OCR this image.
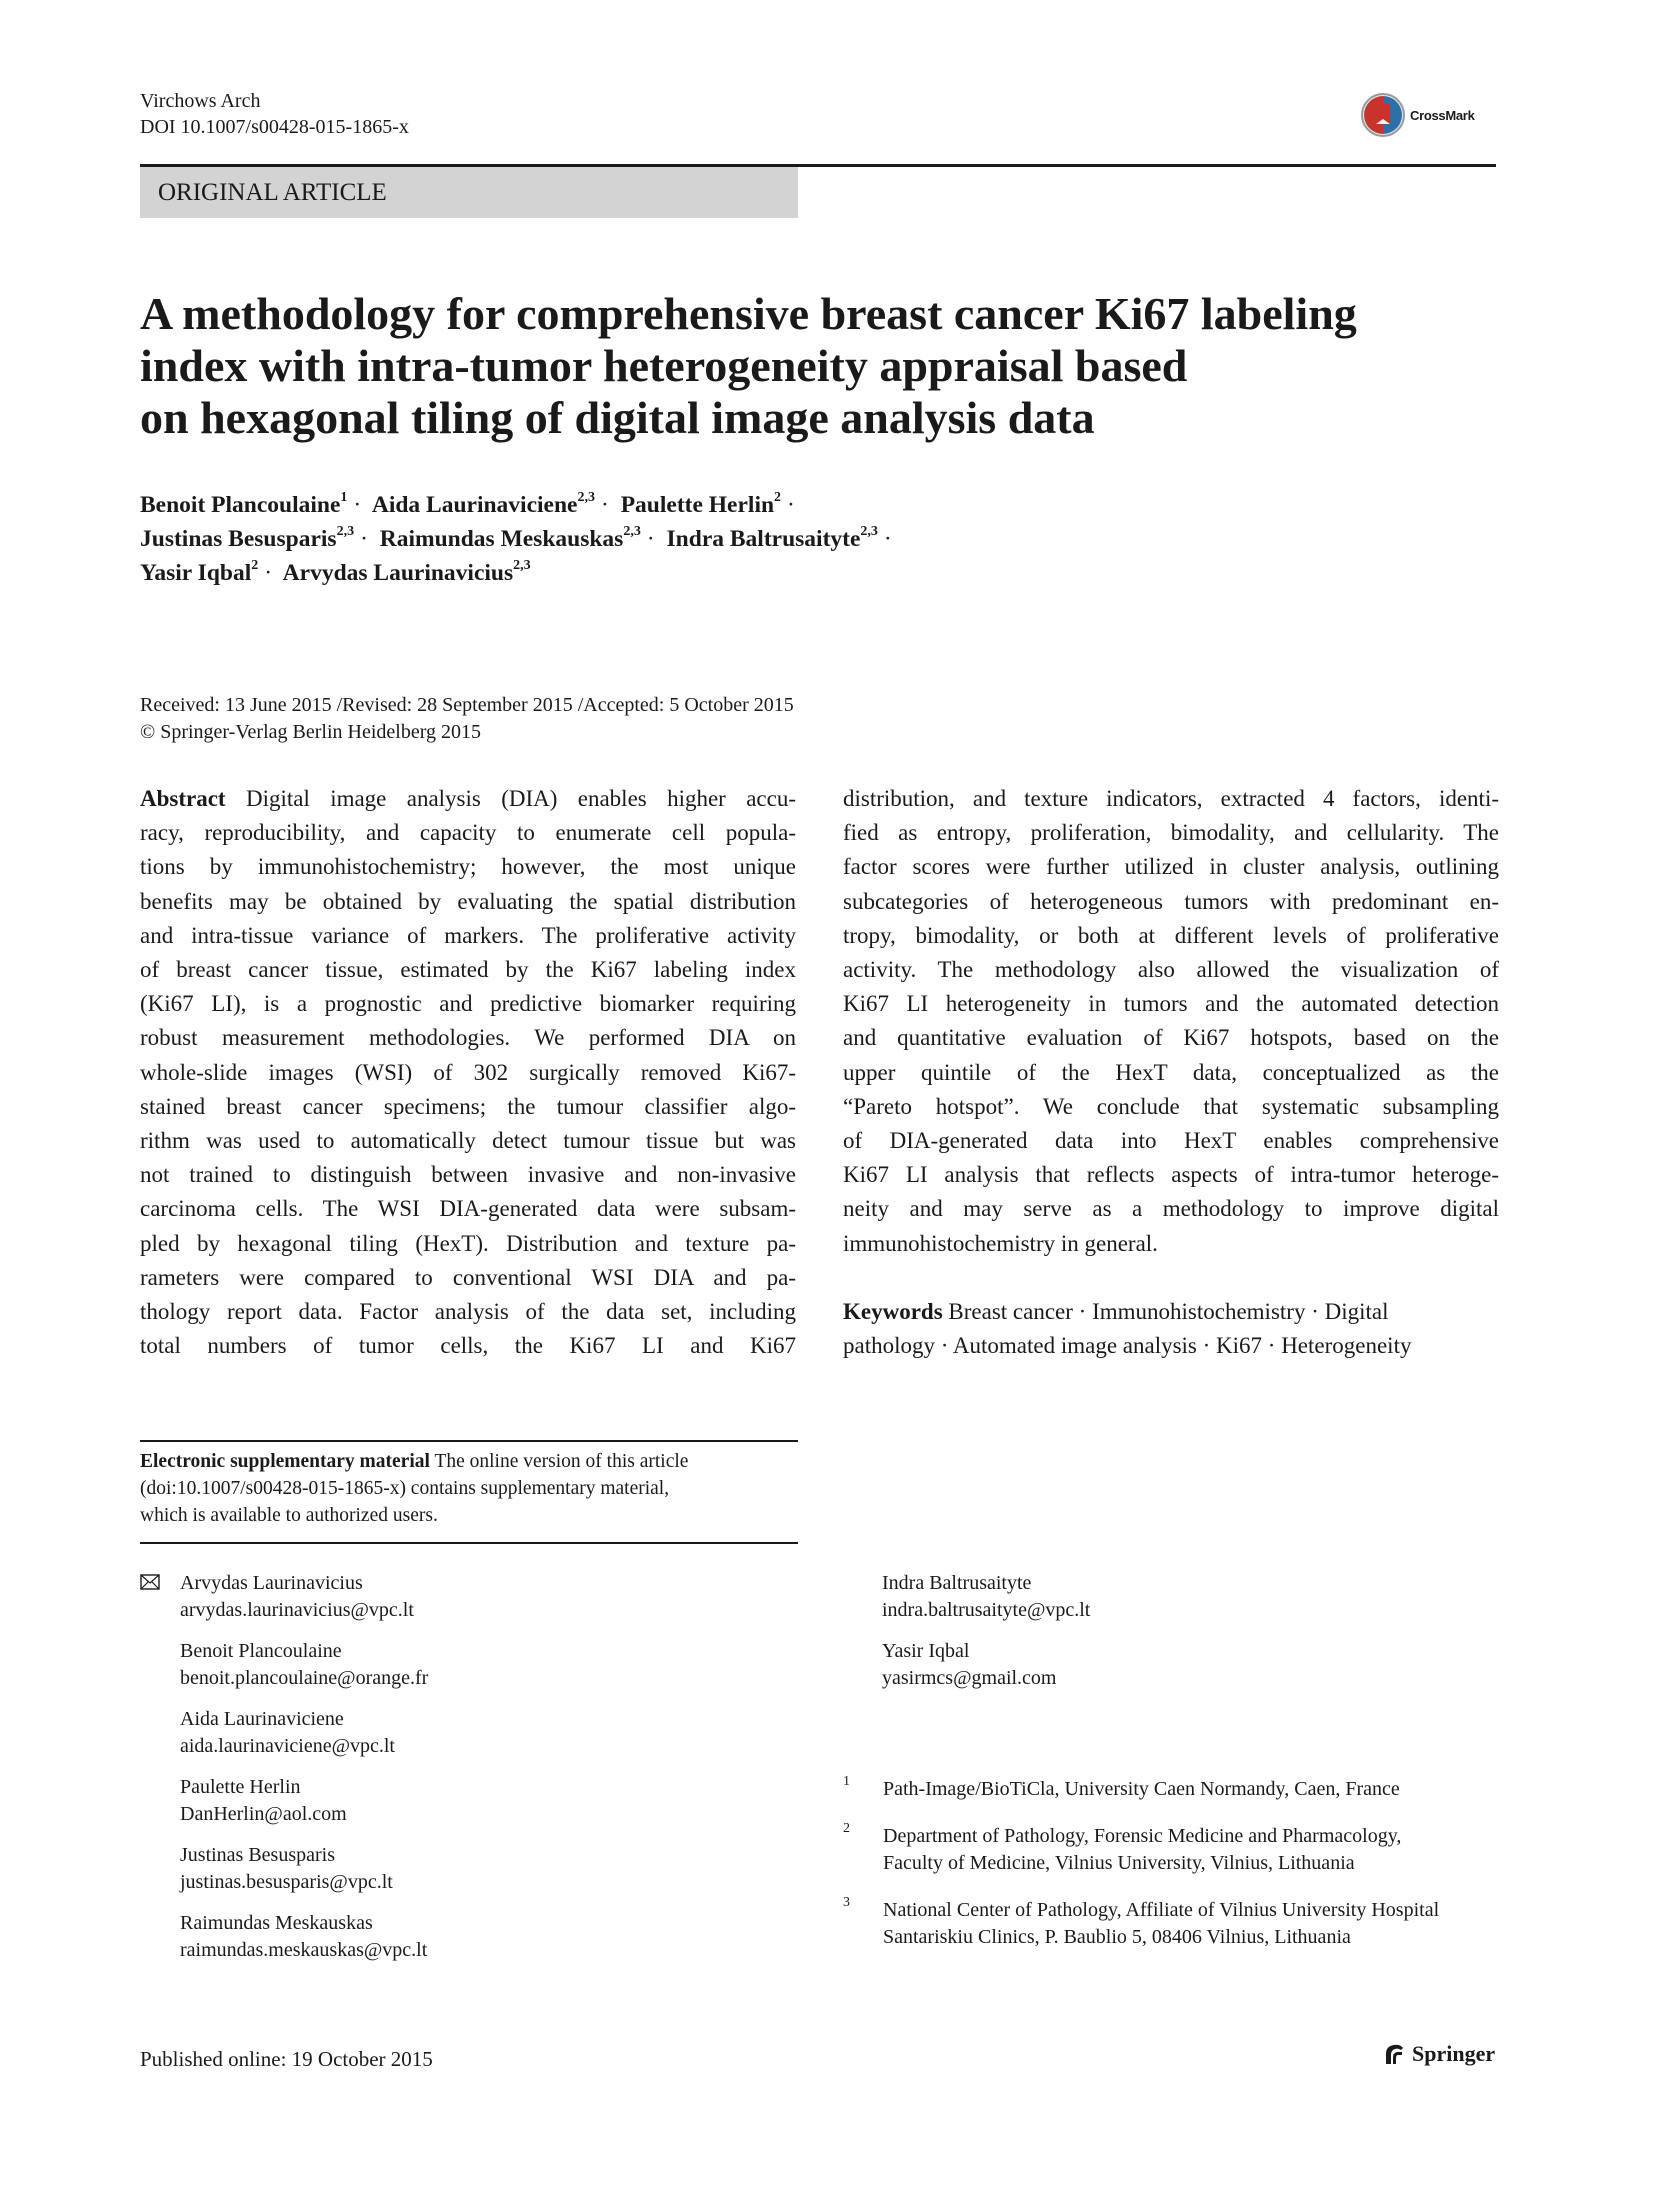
Virchows Arch
DOI 10.1007/s00428-015-1865-x
CrossMark
ORIGINAL ARTICLE
A methodology for comprehensive breast cancer Ki67 labeling
index with intra-tumor heterogeneity appraisal based
on hexagonal tiling of digital image analysis data
Benoit Plancoulaine$^1$ · Aida Laurinaviciene$^{2,3}$ · Paulette Herlin$^2$ ·
Justinas Besusparis$^{2,3}$ · Raimundas Meskauskas$^{2,3}$ · Indra Baltrusaityte$^{2,3}$ ·
Yasir Iqbal$^2$ · Arvydas Laurinavicius$^{2,3}$
Received: 13 June 2015 /Revised: 28 September 2015 /Accepted: 5 October 2015
© Springer-Verlag Berlin Heidelberg 2015
Abstract Digital image analysis (DIA) enables higher accu-
racy, reproducibility, and capacity to enumerate cell popula-
tions by immunohistochemistry; however, the most unique
benefits may be obtained by evaluating the spatial distribution
and intra-tissue variance of markers. The proliferative activity
of breast cancer tissue, estimated by the Ki67 labeling index
(Ki67 LI), is a prognostic and predictive biomarker requiring
robust measurement methodologies. We performed DIA on
whole-slide images (WSI) of 302 surgically removed Ki67-
stained breast cancer specimens; the tumour classifier algo-
rithm was used to automatically detect tumour tissue but was
not trained to distinguish between invasive and non-invasive
carcinoma cells. The WSI DIA-generated data were subsam-
pled by hexagonal tiling (HexT). Distribution and texture pa-
rameters were compared to conventional WSI DIA and pa-
thology report data. Factor analysis of the data set, including
total numbers of tumor cells, the Ki67 LI and Ki67
distribution, and texture indicators, extracted 4 factors, identi-
fied as entropy, proliferation, bimodality, and cellularity. The
factor scores were further utilized in cluster analysis, outlining
subcategories of heterogeneous tumors with predominant en-
tropy, bimodality, or both at different levels of proliferative
activity. The methodology also allowed the visualization of
Ki67 LI heterogeneity in tumors and the automated detection
and quantitative evaluation of Ki67 hotspots, based on the
upper quintile of the HexT data, conceptualized as the
“Pareto hotspot”. We conclude that systematic subsampling
of DIA-generated data into HexT enables comprehensive
Ki67 LI analysis that reflects aspects of intra-tumor heteroge-
neity and may serve as a methodology to improve digital
immunohistochemistry in general.
Keywords Breast cancer · Immunohistochemistry · Digital
pathology · Automated image analysis · Ki67 · Heterogeneity
Electronic supplementary material The online version of this article
(doi:10.1007/s00428-015-1865-x) contains supplementary material,
which is available to authorized users.
Arvydas Laurinavicius
arvydas.laurinavicius@vpc.lt
Benoit Plancoulaine
benoit.plancoulaine@orange.fr
Aida Laurinaviciene
aida.laurinaviciene@vpc.lt
Paulette Herlin
DanHerlin@aol.com
Justinas Besusparis
justinas.besusparis@vpc.lt
Raimundas Meskauskas
raimundas.meskauskas@vpc.lt
Indra Baltrusaityte
indra.baltrusaityte@vpc.lt
Yasir Iqbal
yasirmcs@gmail.com
1 Path-Image/BioTiCla, University Caen Normandy, Caen, France
2 Department of Pathology, Forensic Medicine and Pharmacology,
Faculty of Medicine, Vilnius University, Vilnius, Lithuania
3 National Center of Pathology, Affiliate of Vilnius University Hospital
Santariskiu Clinics, P. Baublio 5, 08406 Vilnius, Lithuania
Published online: 19 October 2015	Springer
